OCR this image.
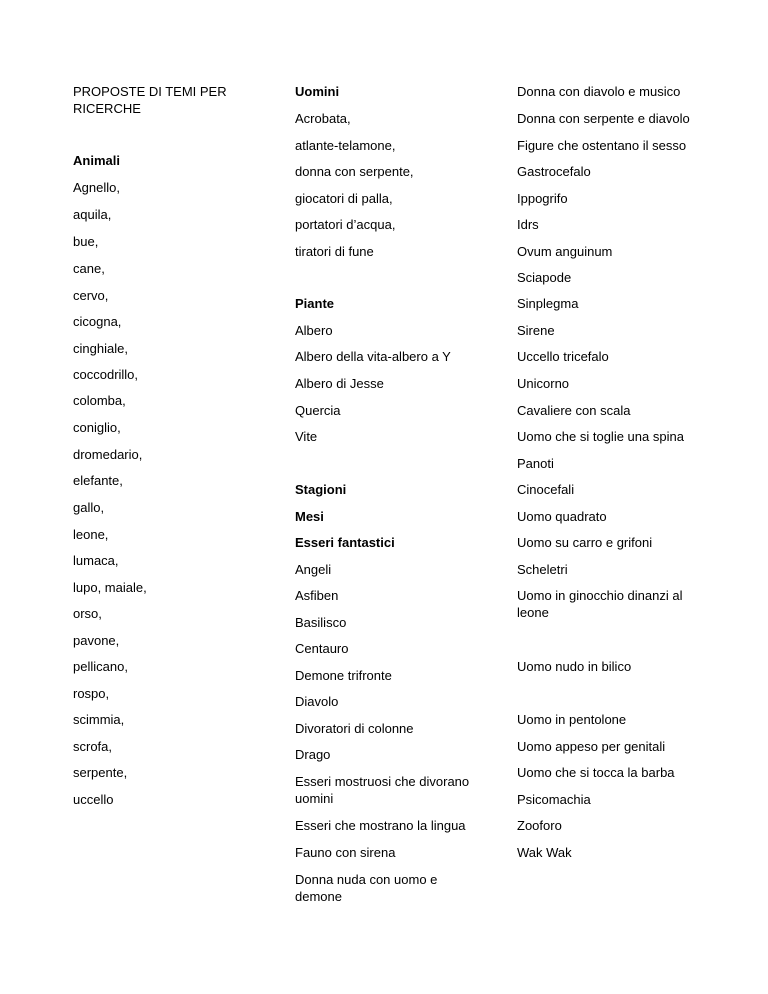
PROPOSTE DI TEMI PER RICERCHE
Animali
Agnello,
aquila,
bue,
cane,
cervo,
cicogna,
cinghiale,
coccodrillo,
colomba,
coniglio,
dromedario,
elefante,
gallo,
leone,
lumaca,
lupo, maiale,
orso,
pavone,
pellicano,
rospo,
scimmia,
scrofa,
serpente,
uccello
Uomini
Acrobata,
atlante-telamone,
donna con serpente,
giocatori di palla,
portatori d’acqua,
tiratori di fune
Piante
Albero
Albero della vita-albero a Y
Albero di Jesse
Quercia
Vite
Stagioni
Mesi
Esseri fantastici
Angeli
Asfiben
Basilisco
Centauro
Demone trifronte
Diavolo
Divoratori di colonne
Drago
Esseri mostruosi che divorano uomini
Esseri che mostrano la lingua
Fauno con sirena
Donna nuda con uomo e demone
Donna con diavolo e musico
Donna con serpente e diavolo
Figure che ostentano il sesso
Gastrocefalo
Ippogrifo
Idrs
Ovum anguinum
Sciapode
Sinplegma
Sirene
Uccello tricefalo
Unicorno
Cavaliere con scala
Uomo che si toglie una spina
Panoti
Cinocefali
Uomo quadrato
Uomo su carro e grifoni
Scheletri
Uomo in ginocchio dinanzi al leone
Uomo nudo in bilico
Uomo in pentolone
Uomo appeso per genitali
Uomo che si tocca la barba
Psicomachia
Zooforo
Wak Wak
